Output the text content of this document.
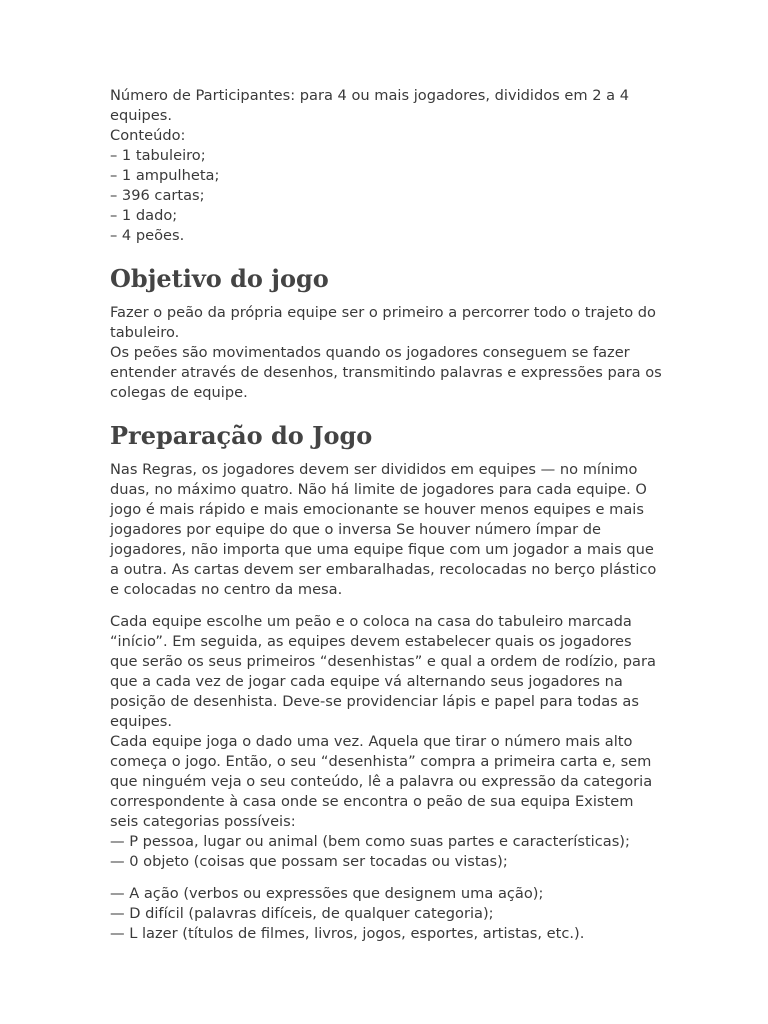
Número de Participantes: para 4 ou mais jogadores, divididos em 2 a 4 equipes.

Conteúdo:
– 1 tabuleiro;
– 1 ampulheta;
– 396 cartas;
– 1 dado;
– 4 peões.

Objetivo do jogo

Fazer o peão da própria equipe ser o primeiro a percorrer todo o trajeto do tabuleiro.
Os peões são movimentados quando os jogadores conseguem se fazer entender através de desenhos, transmitindo palavras e expressões para os colegas de equipe.

Preparação do Jogo

Nas Regras, os jogadores devem ser divididos em equipes — no mínimo duas, no máximo quatro. Não há limite de jogadores para cada equipe. O jogo é mais rápido e mais emocionante se houver menos equipes e mais jogadores por equipe do que o inversa Se houver número ímpar de jogadores, não importa que uma equipe fique com um jogador a mais que a outra. As cartas devem ser embaralhadas, recolocadas no berço plástico e colocadas no centro da mesa.

Cada equipe escolhe um peão e o coloca na casa do tabuleiro marcada “início”. Em seguida, as equipes devem estabelecer quais os jogadores que serão os seus primeiros “desenhistas” e qual a ordem de rodízio, para que a cada vez de jogar cada equipe vá alternando seus jogadores na posição de desenhista. Deve-se providenciar lápis e papel para todas as equipes.
Cada equipe joga o dado uma vez. Aquela que tirar o número mais alto começa o jogo. Então, o seu “desenhista” compra a primeira carta e, sem que ninguém veja o seu conteúdo, lê a palavra ou expressão da categoria correspondente à casa onde se encontra o peão de sua equipa Existem seis categorias possíveis:
— P pessoa, lugar ou animal (bem como suas partes e características);
— 0 objeto (coisas que possam ser tocadas ou vistas);

— A ação (verbos ou expressões que designem uma ação);
— D difícil (palavras difíceis, de qualquer categoria);
— L lazer (títulos de filmes, livros, jogos, esportes, artistas, etc.).
